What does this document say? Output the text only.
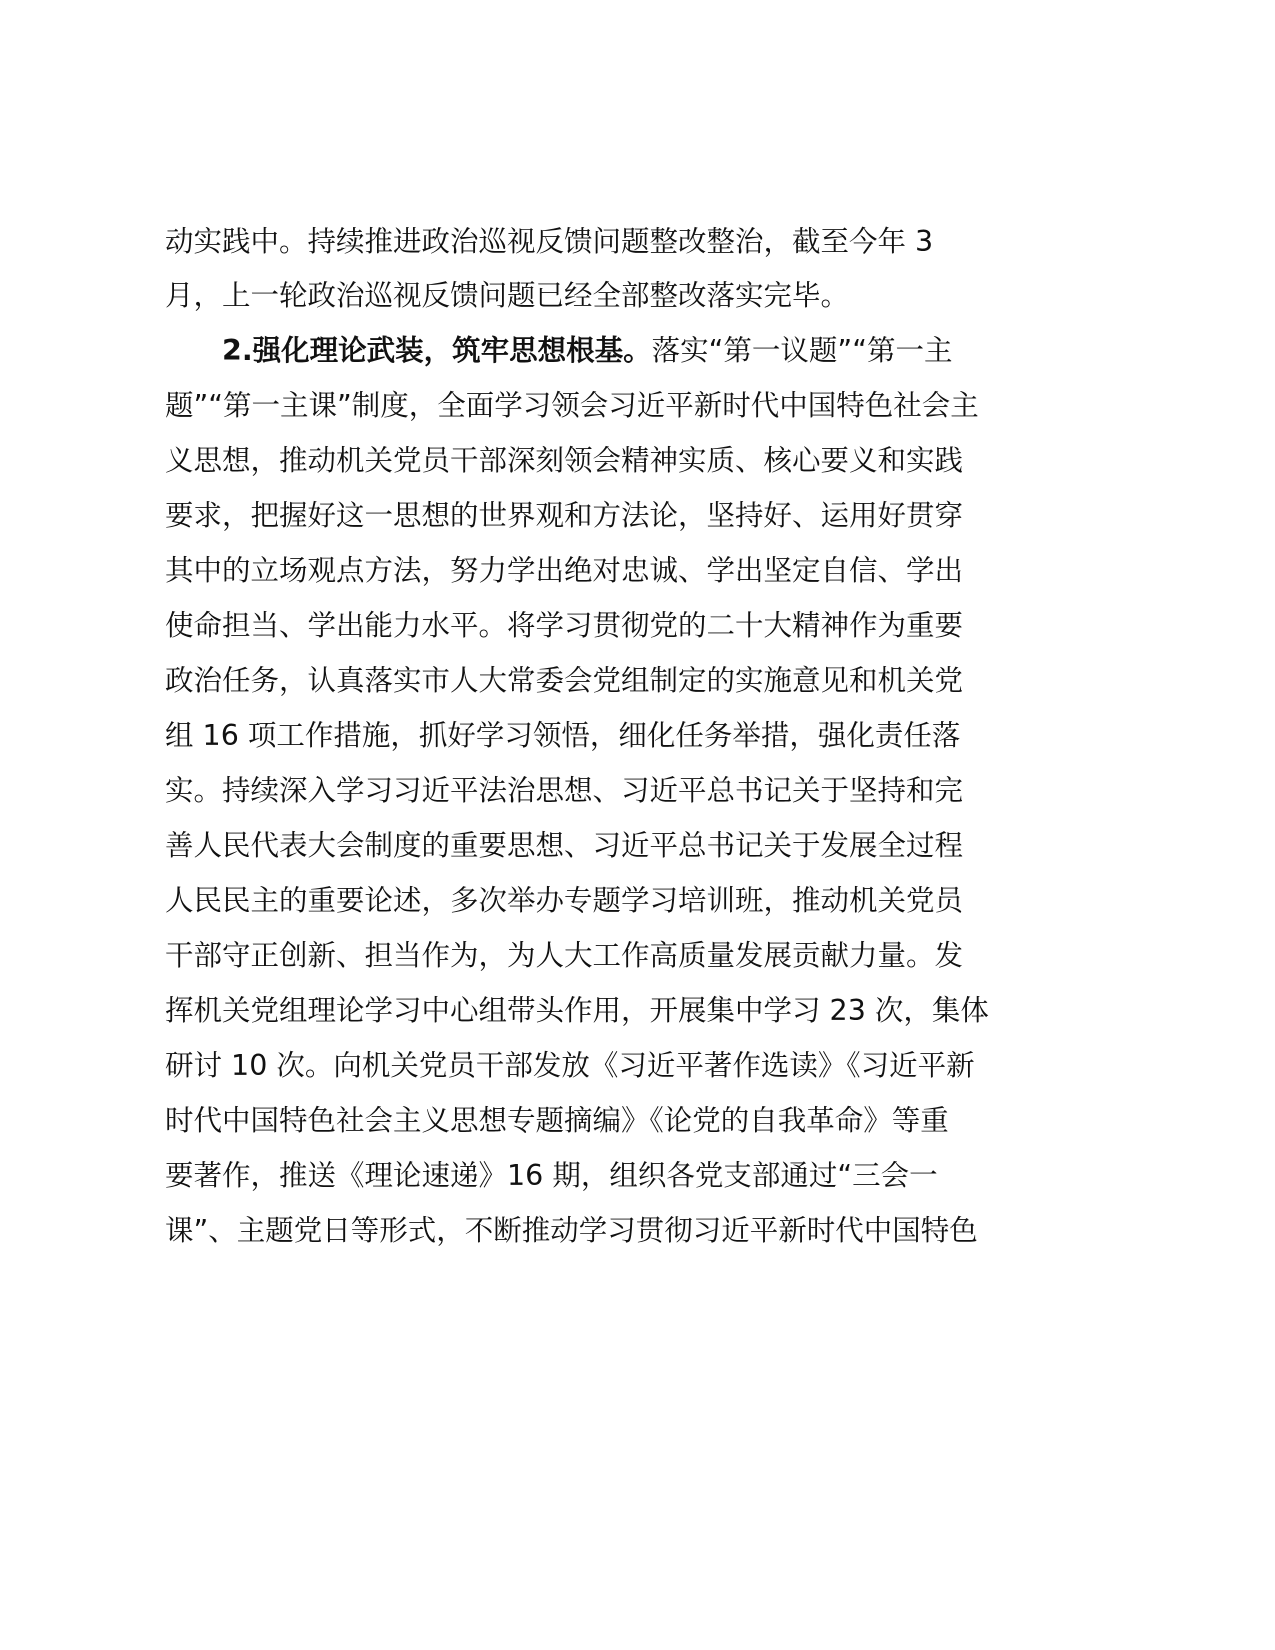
动实践中。持续推进政治巡视反馈问题整改整治，截至今年 3
月，上一轮政治巡视反馈问题已经全部整改落实完毕。
2.强化理论武装，筑牢思想根基。落实“第一议题”“第一主
题”“第一主课”制度，全面学习领会习近平新时代中国特色社会主
义思想，推动机关党员干部深刻领会精神实质、核心要义和实践
要求，把握好这一思想的世界观和方法论，坚持好、运用好贯穿
其中的立场观点方法，努力学出绝对忠诚、学出坚定自信、学出
使命担当、学出能力水平。将学习贯彻党的二十大精神作为重要
政治任务，认真落实市人大常委会党组制定的实施意见和机关党
组 16 项工作措施，抓好学习领悟，细化任务举措，强化责任落
实。持续深入学习习近平法治思想、习近平总书记关于坚持和完
善人民代表大会制度的重要思想、习近平总书记关于发展全过程
人民民主的重要论述，多次举办专题学习培训班，推动机关党员
干部守正创新、担当作为，为人大工作高质量发展贡献力量。发
挥机关党组理论学习中心组带头作用，开展集中学习 23 次，集体
研讨 10 次。向机关党员干部发放《习近平著作选读》《习近平新
时代中国特色社会主义思想专题摘编》《论党的自我革命》等重
要著作，推送《理论速递》16 期，组织各党支部通过“三会一
课”、主题党日等形式，不断推动学习贯彻习近平新时代中国特色
